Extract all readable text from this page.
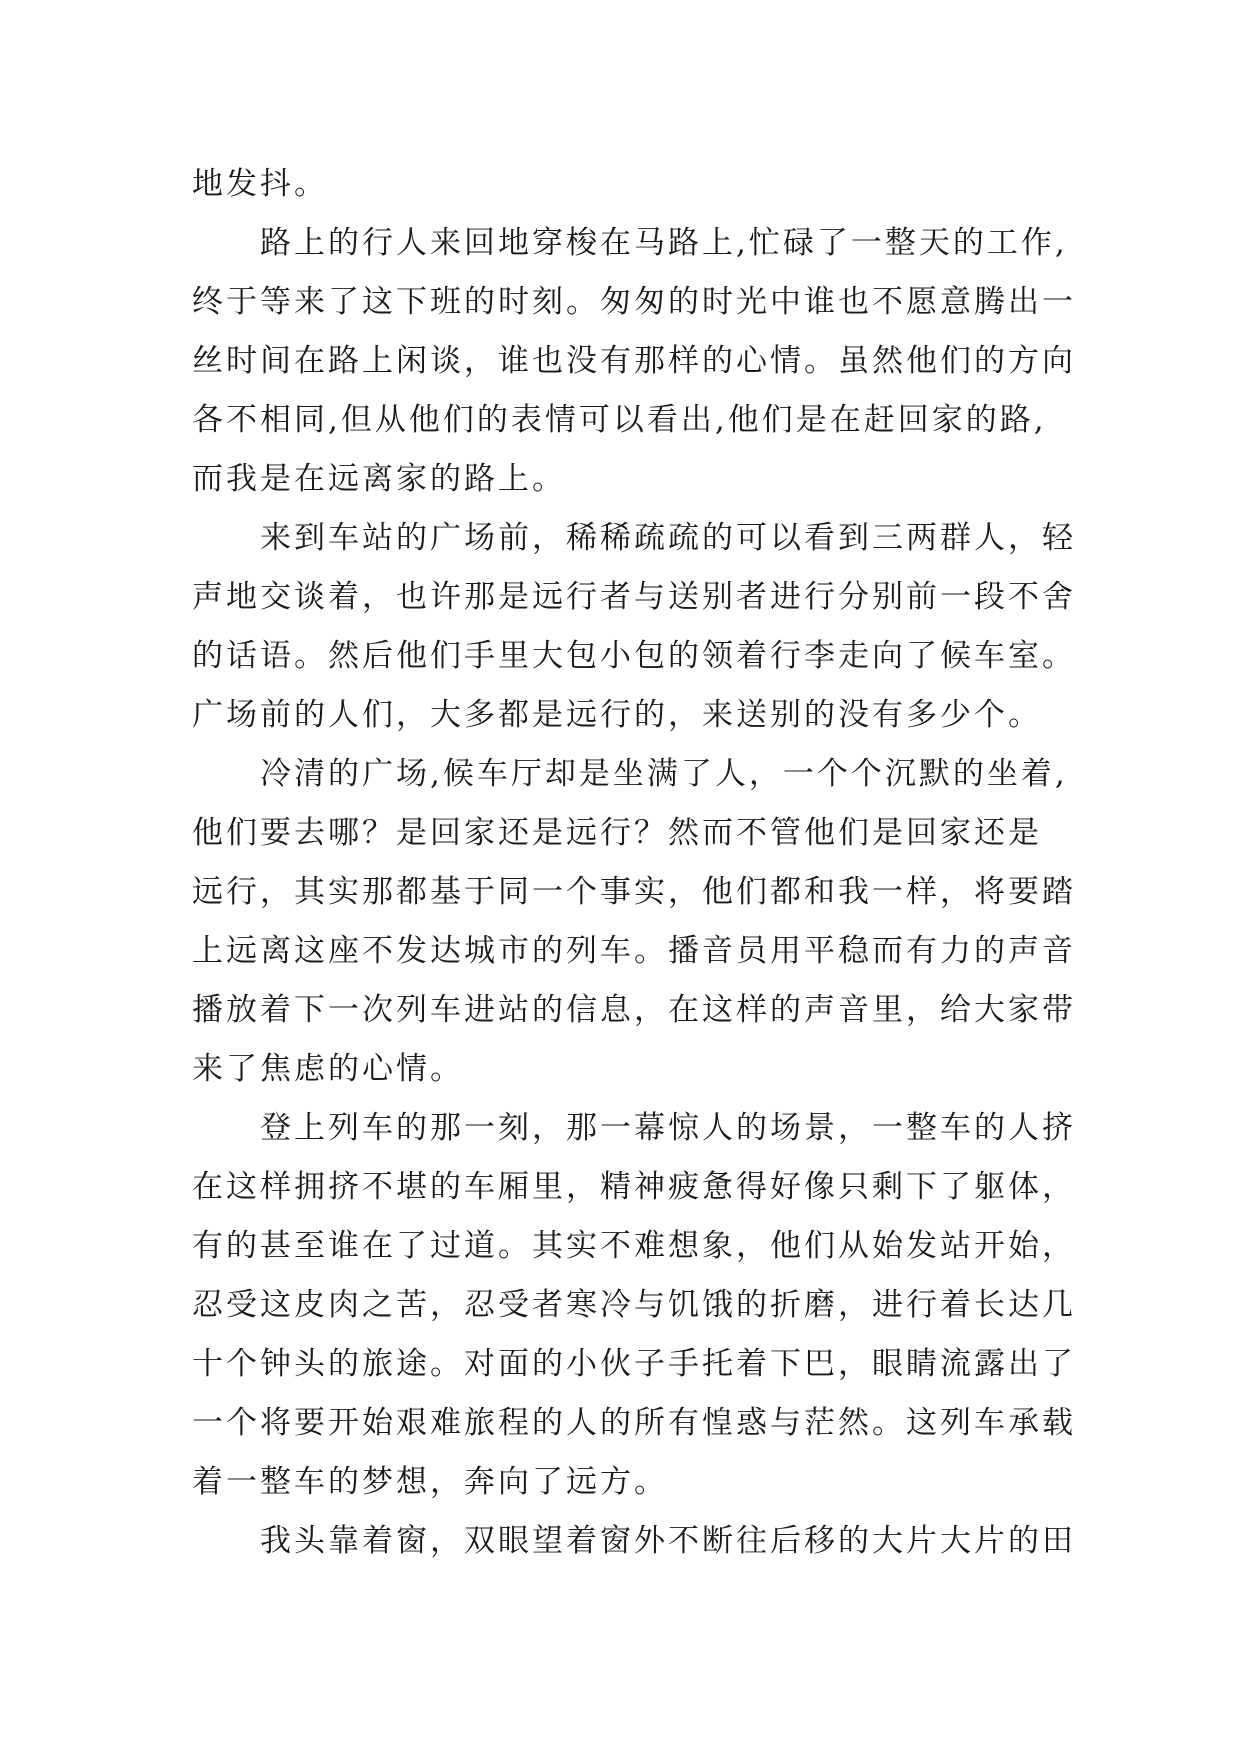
地发抖。
路上的行人来回地穿梭在马路上,忙碌了一整天的工作,
终于等来了这下班的时刻。匆匆的时光中谁也不愿意腾出一
丝时间在路上闲谈，谁也没有那样的心情。虽然他们的方向
各不相同,但从他们的表情可以看出,他们是在赶回家的路,
而我是在远离家的路上。
来到车站的广场前，稀稀疏疏的可以看到三两群人，轻
声地交谈着，也许那是远行者与送别者进行分别前一段不舍
的话语。然后他们手里大包小包的领着行李走向了候车室。
广场前的人们，大多都是远行的，来送别的没有多少个。
冷清的广场,候车厅却是坐满了人，一个个沉默的坐着,
他们要去哪？是回家还是远行？然而不管他们是回家还是
远行，其实那都基于同一个事实，他们都和我一样，将要踏
上远离这座不发达城市的列车。播音员用平稳而有力的声音
播放着下一次列车进站的信息，在这样的声音里，给大家带
来了焦虑的心情。
登上列车的那一刻，那一幕惊人的场景，一整车的人挤
在这样拥挤不堪的车厢里，精神疲惫得好像只剩下了躯体，
有的甚至谁在了过道。其实不难想象，他们从始发站开始，
忍受这皮肉之苦，忍受者寒冷与饥饿的折磨，进行着长达几
十个钟头的旅途。对面的小伙子手托着下巴，眼睛流露出了
一个将要开始艰难旅程的人的所有惶惑与茫然。这列车承载
着一整车的梦想，奔向了远方。
我头靠着窗，双眼望着窗外不断往后移的大片大片的田
